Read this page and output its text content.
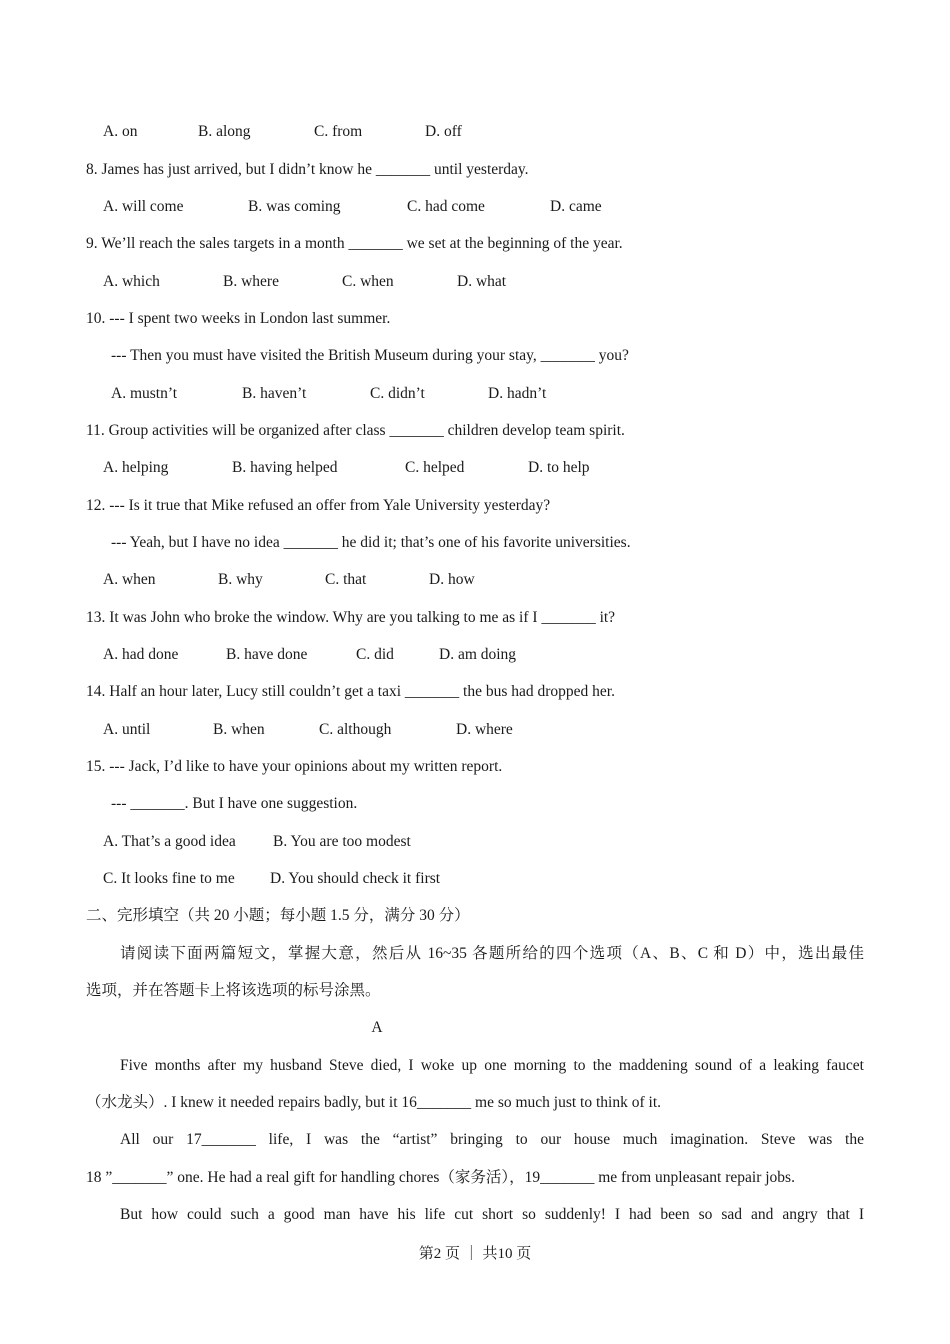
A. on	B. along	C. from	D. off
8. James has just arrived, but I didn’t know he _______ until yesterday.
A. will come	B. was coming	C. had come	D. came
9. We’ll reach the sales targets in a month _______ we set at the beginning of the year.
A. which	B. where	C. when	D. what
10. --- I spent two weeks in London last summer.
--- Then you must have visited the British Museum during your stay, _______ you?
A. mustn’t	B. haven’t	C. didn’t	D. hadn’t
11. Group activities will be organized after class _______ children develop team spirit.
A. helping	B. having helped	C. helped	D. to help
12. --- Is it true that Mike refused an offer from Yale University yesterday?
--- Yeah, but I have no idea _______ he did it; that’s one of his favorite universities.
A. when	B. why	C. that	D. how
13. It was John who broke the window. Why are you talking to me as if I _______ it?
A. had done	B. have done	C. did	D. am doing
14. Half an hour later, Lucy still couldn’t get a taxi _______ the bus had dropped her.
A. until	B. when	C. although	D. where
15. --- Jack, I’d like to have your opinions about my written report.
--- _______. But I have one suggestion.
A. That’s a good idea B. You are too modest
C. It looks fine to me D. You should check it first
二、完形填空（共 20 小题；每小题 1.5 分，满分 30 分）
请阅读下面两篇短文，掌握大意，然后从 16~35 各题所给的四个选项（A、B、C 和 D）中，选出最佳
选项，并在答题卡上将该选项的标号涂黑。
A
Five months after my husband Steve died, I woke up one morning to the maddening sound of a leaking faucet
（水龙头）. I knew it needed repairs badly, but it 16_______ me so much just to think of it.
All our 17_______ life, I was the “artist” bringing to our house much imagination. Steve was the
18 ”_______” one. He had a real gift for handling chores（家务活），19_______ me from unpleasant repair jobs.
But how could such a good man have his life cut short so suddenly! I had been so sad and angry that I
第2 页 ｜ 共10 页
